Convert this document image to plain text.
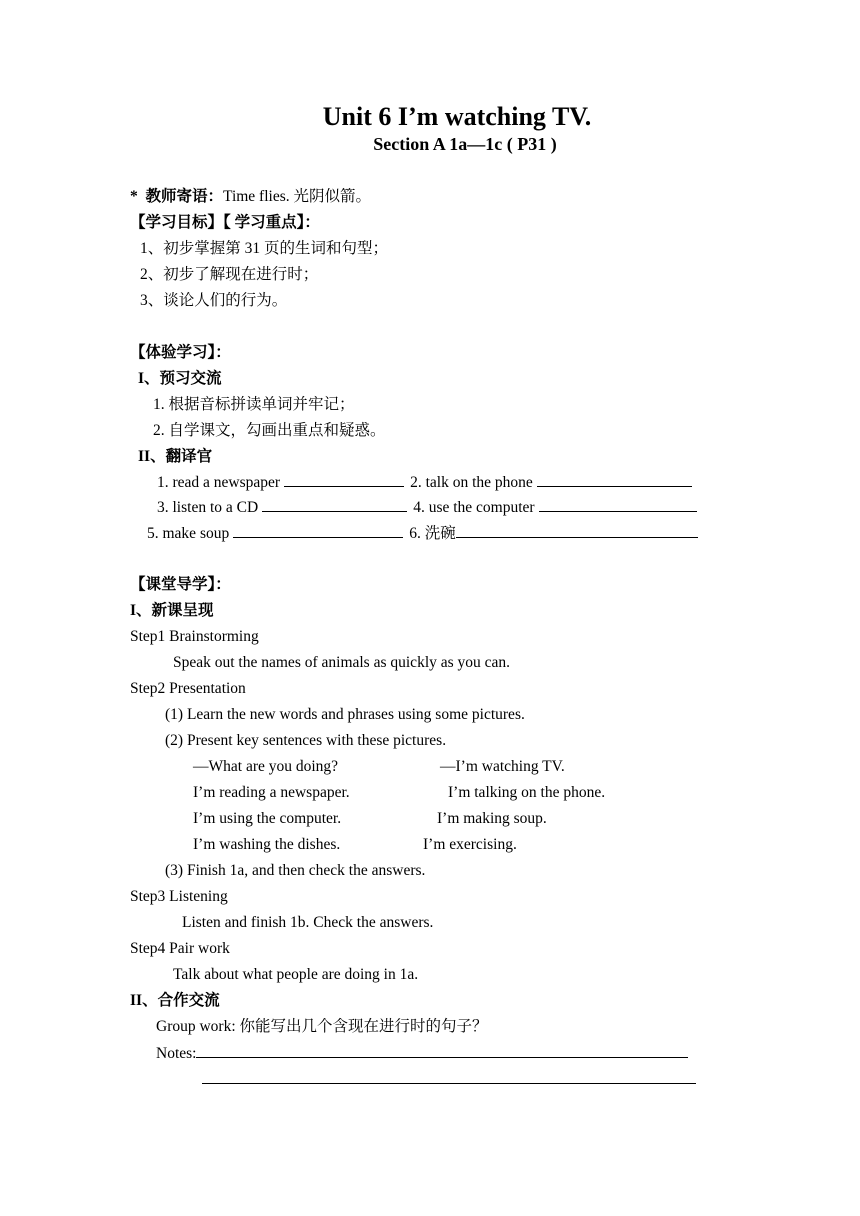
Unit 6 I’m watching TV.
Section A 1a—1c ( P31 )
* 教师寄语：Time flies. 光阴似箭。
【学习目标】【 学习重点】：
1、初步掌握第 31 页的生词和句型；
2、初步了解现在进行时；
3、谈论人们的行为。
【体验学习】：
I、预习交流
1. 根据音标拼读单词并牢记；
2. 自学课文，勾画出重点和疑惑。
II、翻译官
1. read a newspaper	2. talk on the phone
3. listen to a CD	4. use the computer
5. make soup	6. 洗碗
【课堂导学】：
I、新课呈现
Step1 Brainstorming
Speak out the names of animals as quickly as you can.
Step2 Presentation
(1) Learn the new words and phrases using some pictures.
(2) Present key sentences with these pictures.
—What are you doing?	—I’m watching TV.
I’m reading a newspaper.	I’m talking on the phone.
I’m using the computer.	I’m making soup.
I’m washing the dishes.	I’m exercising.
(3) Finish 1a, and then check the answers.
Step3 Listening
Listen and finish 1b. Check the answers.
Step4 Pair work
Talk about what people are doing in 1a.
II、合作交流
Group work: 你能写出几个含现在进行时的句子？
Notes:
